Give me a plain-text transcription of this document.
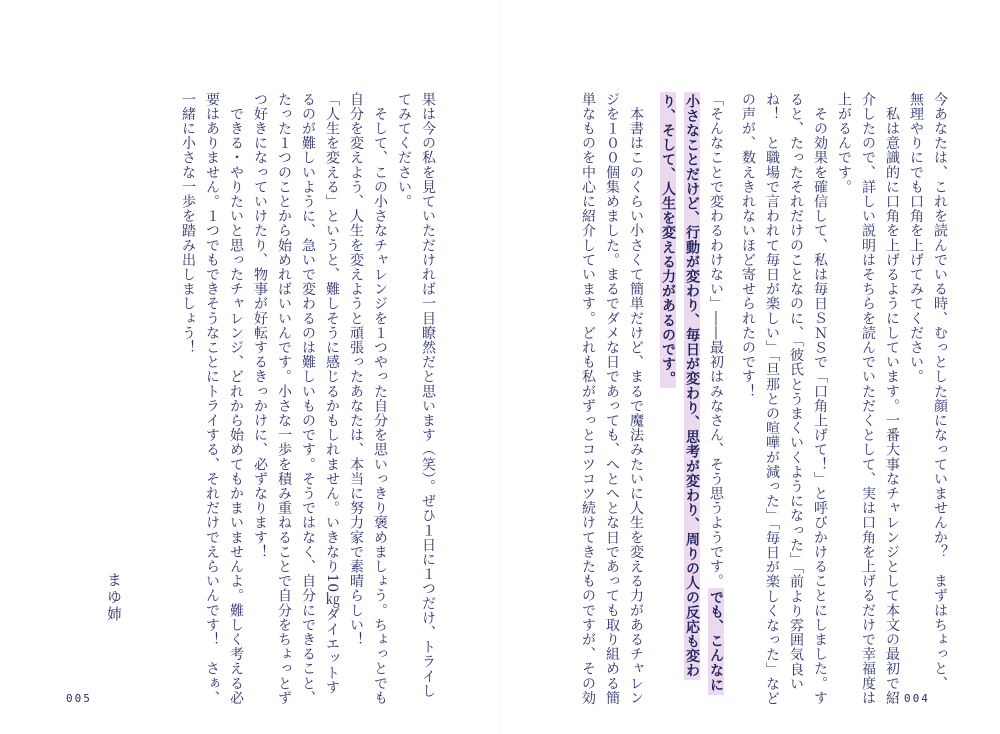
今あなたは、これを読んでいる時、むっとした顔になっていませんか？　まずはちょっと、
無理やりにでも口角を上げてみてください。
　私は意識的に口角を上げるようにしています。一番大事なチャレンジとして本文の最初で紹
介したので、詳しい説明はそちらを読んでいただくとして、実は口角を上げるだけで幸福度は
上がるんです。
　その効果を確信して、私は毎日ＳＮＳで「口角上げて！」と呼びかけることにしました。す
ると、たったそれだけのことなのに、「彼氏とうまくいくようになった」「前より雰囲気良い
ね！　と職場で言われて毎日が楽しい」「旦那との喧嘩が減った」「毎日が楽しくなった」など
の声が、数えきれないほど寄せられたのです！
「そんなことで変わるわけない」――最初はみなさん、そう思うようです。でも、こんなに
小さなことだけど、行動が変わり、毎日が変わり、思考が変わり、周りの人の反応も変わ
り、そして、人生を変える力があるのです。
　本書はこのくらい小さくて簡単だけど、まるで魔法みたいに人生を変える力があるチャレン
ジを１００個集めました。まるでダメな日であっても、へとへとな日であっても取り組める簡
単なものを中心に紹介しています。どれも私がずっとコツコツ続けてきたものですが、その効	004
果は今の私を見ていただければ一目瞭然だと思います（笑）。ぜひ１日に１つだけ、トライし
てみてください。
　そして、この小さなチャレンジを１つやった自分を思いっきり褒めましょう。ちょっとでも
自分を変えよう、人生を変えようと頑張ったあなたは、本当に努力家で素晴らしい！
「人生を変える」というと、難しそうに感じるかもしれません。いきなり10㎏ダイエットす
るのが難しいように、急いで変わるのは難しいものです。そうではなく、自分にできること、
たった１つのことから始めればいいんです。小さな一歩を積み重ねることで自分をちょっとず
つ好きになっていけたり、物事が好転するきっかけに、必ずなります！
　できる・やりたいと思ったチャレンジ、どれから始めてもかまいませんよ。難しく考える必
要はありません。１つでもできそうなことにトライする、それだけでえらいんです！　さぁ、
一緒に小さな一歩を踏み出しましょう！
まゆ姉
005
